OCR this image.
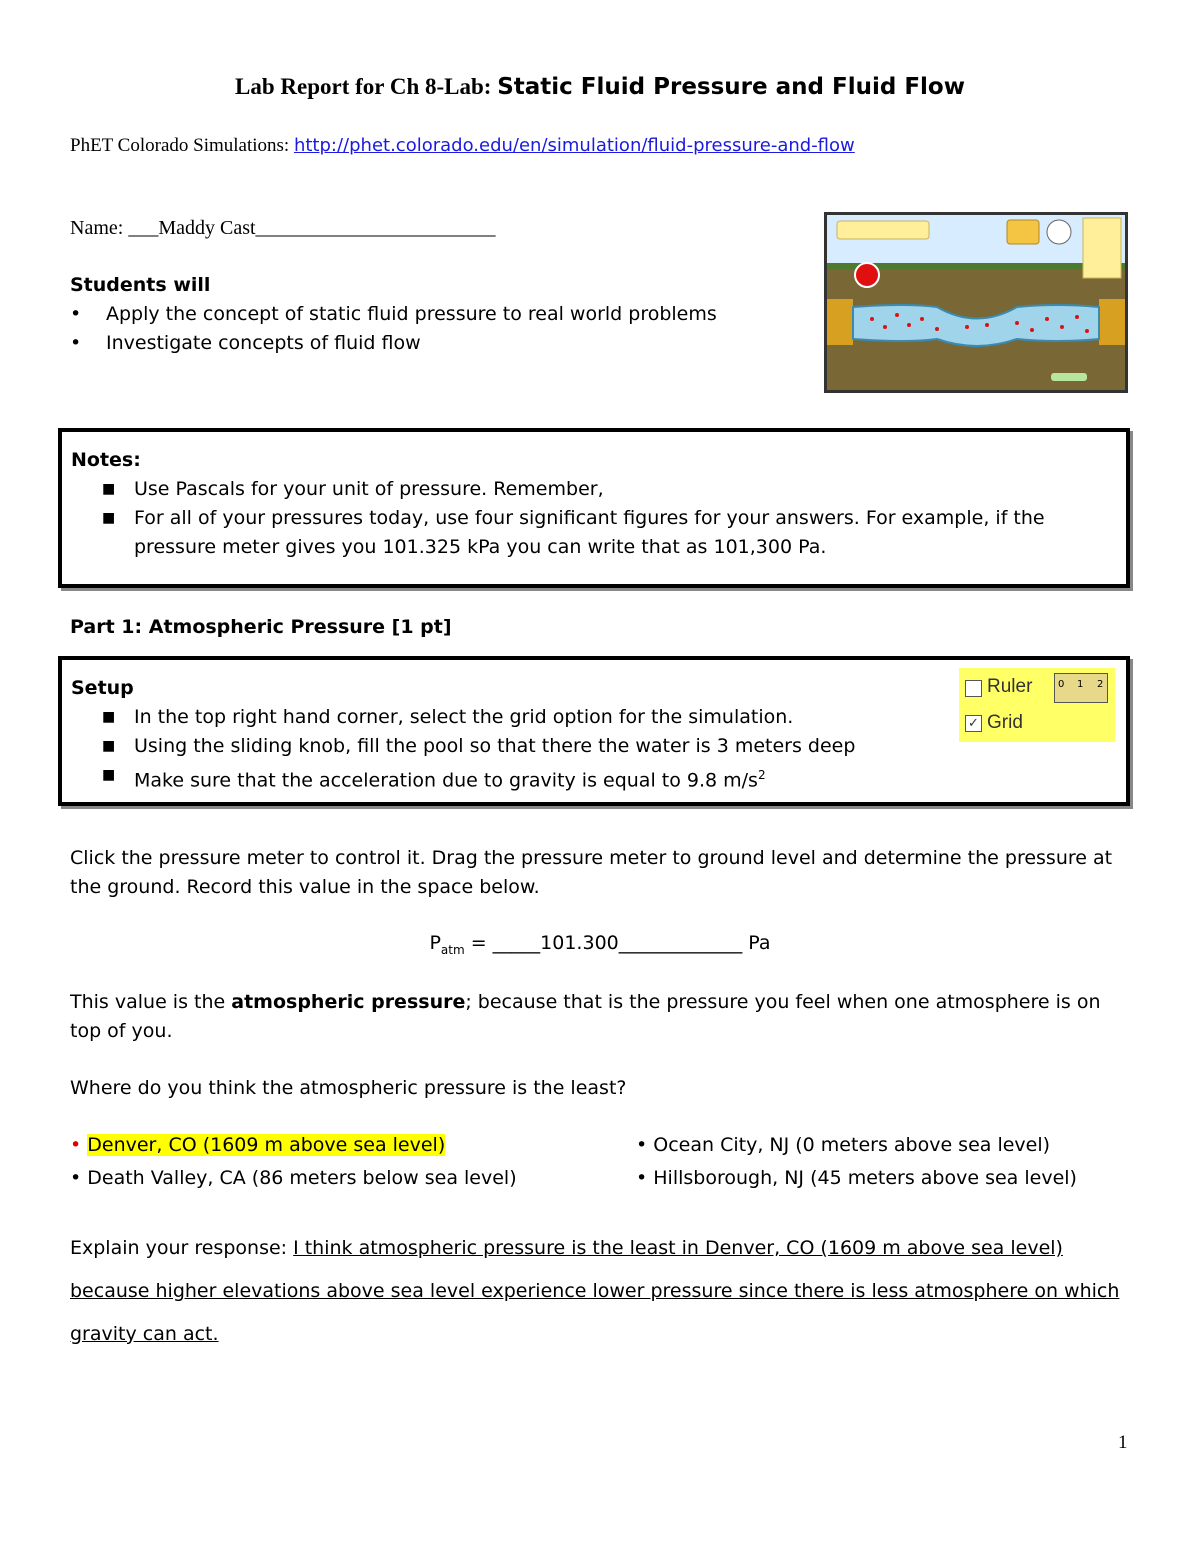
Lab Report for Ch 8-Lab: Static Fluid Pressure and Fluid Flow
PhET Colorado Simulations: http://phet.colorado.edu/en/simulation/fluid-pressure-and-flow
Name: ___Maddy Cast________________________
Students will
• Apply the concept of static fluid pressure to real world problems
• Investigate concepts of fluid flow
Notes:
■ Use Pascals for your unit of pressure. Remember,
■ For all of your pressures today, use four significant figures for your answers. For example, if the pressure meter gives you 101.325 kPa you can write that as 101,300 Pa.
Part 1: Atmospheric Pressure [1 pt]
Setup
■ In the top right hand corner, select the grid option for the simulation.
■ Using the sliding knob, fill the pool so that there the water is 3 meters deep
■ Make sure that the acceleration due to gravity is equal to 9.8 $m/s^2$
Ruler	0 1 2
✓ Grid
Click the pressure meter to control it. Drag the pressure meter to ground level and determine the pressure at the ground. Record this value in the space below.
$P_{atm}$ = _____101.300_____________ Pa
This value is the atmospheric pressure; because that is the pressure you feel when one atmosphere is on top of you.
Where do you think the atmospheric pressure is the least?
• Denver, CO (1609 m above sea level)	• Ocean City, NJ (0 meters above sea level)
• Death Valley, CA (86 meters below sea level)	• Hillsborough, NJ (45 meters above sea level)
Explain your response: I think atmospheric pressure is the least in Denver, CO (1609 m above sea level) because higher elevations above sea level experience lower pressure since there is less atmosphere on which gravity can act.
1
